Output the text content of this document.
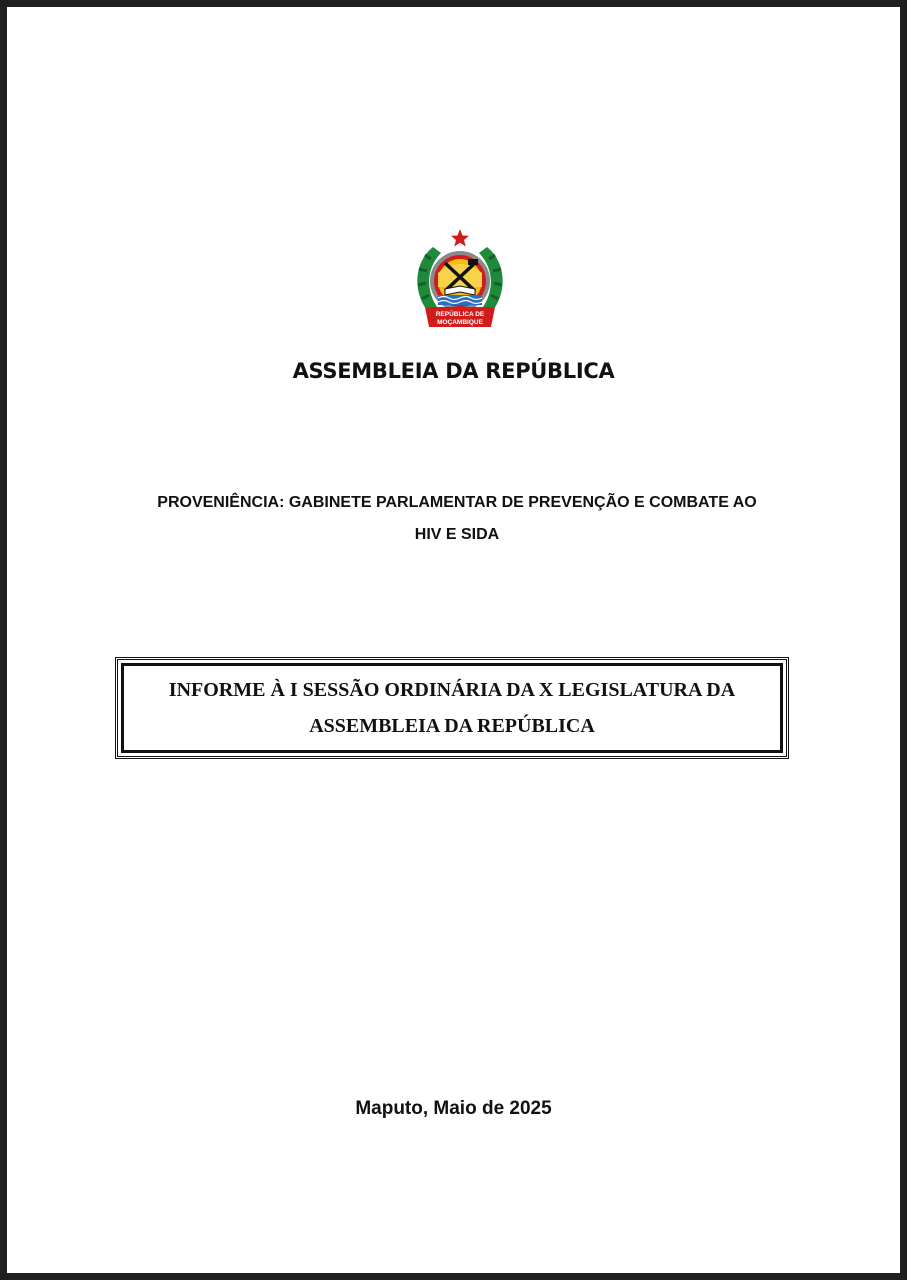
REPÚBLICA DE
MOÇAMBIQUE
ASSEMBLEIA DA REPÚBLICA
PROVENIÊNCIA: GABINETE PARLAMENTAR DE PREVENÇÃO E COMBATE AO
HIV E SIDA
INFORME À I SESSÃO ORDINÁRIA DA X LEGISLATURA DA
ASSEMBLEIA DA REPÚBLICA
Maputo, Maio de 2025
